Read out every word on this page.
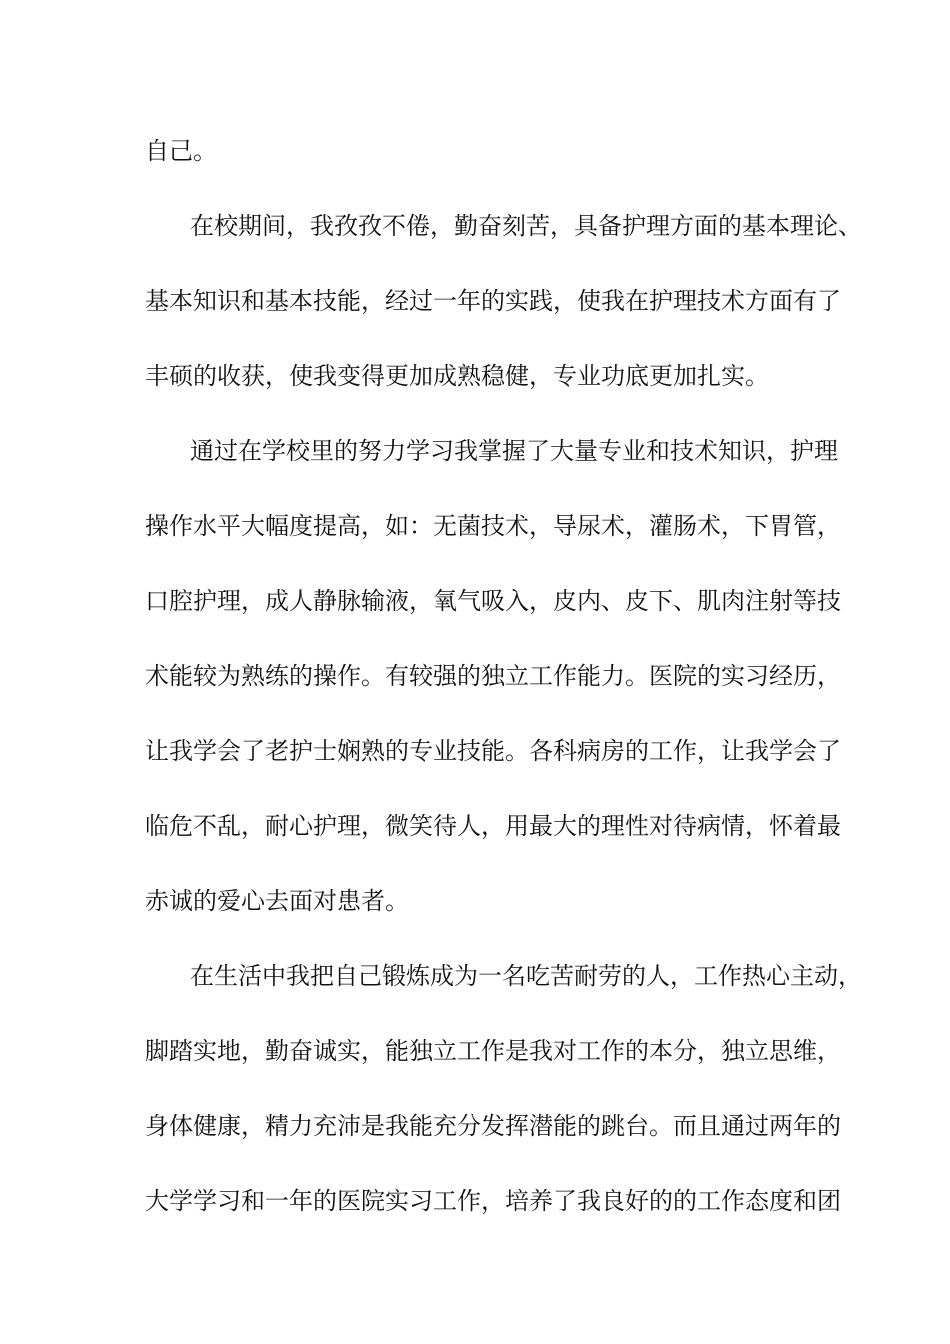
自己。
在校期间，我孜孜不倦，勤奋刻苦，具备护理方面的基本理论、
基本知识和基本技能，经过一年的实践，使我在护理技术方面有了
丰硕的收获，使我变得更加成熟稳健，专业功底更加扎实。
通过在学校里的努力学习我掌握了大量专业和技术知识，护理
操作水平大幅度提高，如：无菌技术，导尿术，灌肠术，下胃管，
口腔护理，成人静脉输液，氧气吸入，皮内、皮下、肌肉注射等技
术能较为熟练的操作。有较强的独立工作能力。医院的实习经历，
让我学会了老护士娴熟的专业技能。各科病房的工作，让我学会了
临危不乱，耐心护理，微笑待人，用最大的理性对待病情，怀着最
赤诚的爱心去面对患者。
在生活中我把自己锻炼成为一名吃苦耐劳的人，工作热心主动，
脚踏实地，勤奋诚实，能独立工作是我对工作的本分，独立思维，
身体健康，精力充沛是我能充分发挥潜能的跳台。而且通过两年的
大学学习和一年的医院实习工作，培养了我良好的的工作态度和团
